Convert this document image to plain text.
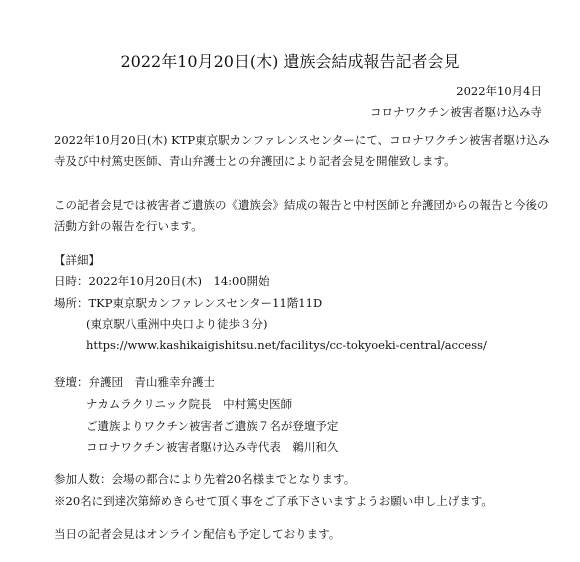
2022年10月20日(木) 遺族会結成報告記者会見
2022年10月4日
コロナワクチン被害者駆け込み寺

2022年10月20日(木) KTP東京駅カンファレンスセンターにて、コロナワクチン被害者駆け込み寺及び中村篤史医師、青山弁護士との弁護団により記者会見を開催致します。

この記者会見では被害者ご遺族の《遺族会》結成の報告と中村医師と弁護団からの報告と今後の活動方針の報告を行います。

【詳細】
日時：2022年10月20日(木)　14:00開始
場所：TKP東京駅カンファレンスセンター11階11D
(東京駅八重洲中央口より徒歩３分)
https://www.kashikaigishitsu.net/facilitys/cc-tokyoeki-central/access/
登壇：弁護団　青山雅幸弁護士
ナカムラクリニック院長　中村篤史医師
ご遺族よりワクチン被害者ご遺族７名が登壇予定
コロナワクチン被害者駆け込み寺代表　鵜川和久
参加人数：会場の都合により先着20名様までとなります。
※20名に到達次第締めきらせて頂く事をご了承下さいますようお願い申し上げます。
当日の記者会見はオンライン配信も予定しております。
